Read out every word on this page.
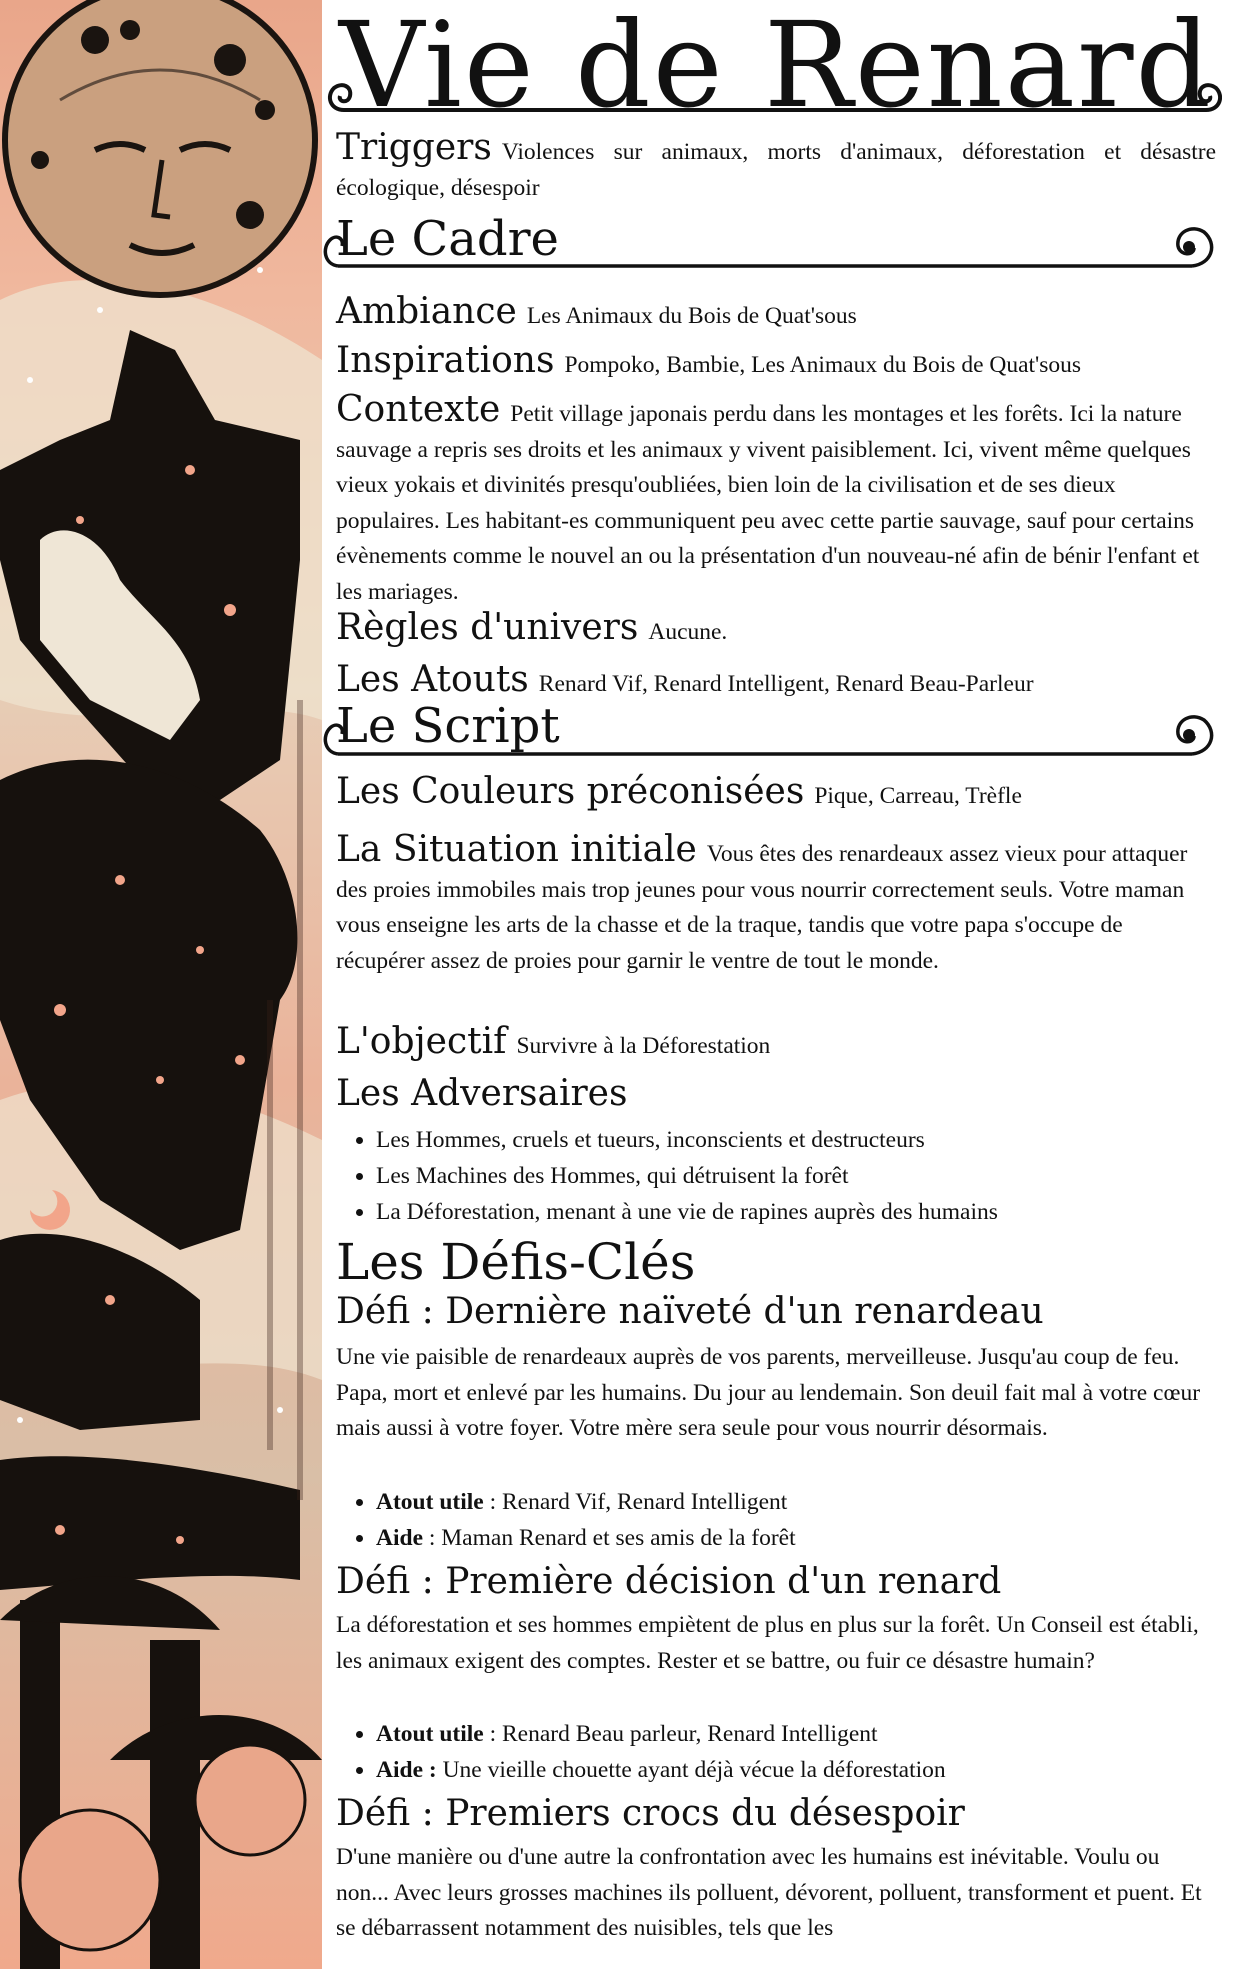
Vie de Renard

Triggers Violences sur animaux, morts d'animaux, déforestation et désastre écologique, désespoir

Le Cadre

Ambiance Les Animaux du Bois de Quat'sous

Inspirations Pompoko, Bambie, Les Animaux du Bois de Quat'sous

Contexte Petit village japonais perdu dans les montages et les forêts. Ici la nature sauvage a repris ses droits et les animaux y vivent paisiblement. Ici, vivent même quelques vieux yokais et divinités presqu'oubliées, bien loin de la civilisation et de ses dieux populaires. Les habitant-es communiquent peu avec cette partie sauvage, sauf pour certains évènements comme le nouvel an ou la présentation d'un nouveau-né afin de bénir l'enfant et les mariages.

Règles d'univers Aucune.

Les Atouts Renard Vif, Renard Intelligent, Renard Beau-Parleur

Le Script

Les Couleurs préconisées Pique, Carreau, Trèfle

La Situation initiale Vous êtes des renardeaux assez vieux pour attaquer des proies immobiles mais trop jeunes pour vous nourrir correctement seuls. Votre maman vous enseigne les arts de la chasse et de la traque, tandis que votre papa s'occupe de récupérer assez de proies pour garnir le ventre de tout le monde.

L'objectif Survivre à la Déforestation

Les Adversaires
• Les Hommes, cruels et tueurs, inconscients et destructeurs
• Les Machines des Hommes, qui détruisent la forêt
• La Déforestation, menant à une vie de rapines auprès des humains
Les Défis-Clés
Défi : Dernière naïveté d'un renardeau

Une vie paisible de renardeaux auprès de vos parents, merveilleuse. Jusqu'au coup de feu. Papa, mort et enlevé par les humains. Du jour au lendemain. Son deuil fait mal à votre cœur mais aussi à votre foyer. Votre mère sera seule pour vous nourrir désormais.

• Atout utile : Renard Vif, Renard Intelligent
• Aide : Maman Renard et ses amis de la forêt
Défi : Première décision d'un renard

La déforestation et ses hommes empiètent de plus en plus sur la forêt. Un Conseil est établi, les animaux exigent des comptes. Rester et se battre, ou fuir ce désastre humain?

• Atout utile : Renard Beau parleur, Renard Intelligent
• Aide : Une vieille chouette ayant déjà vécue la déforestation
Défi : Premiers crocs du désespoir

D'une manière ou d'une autre la confrontation avec les humains est inévitable. Voulu ou non... Avec leurs grosses machines ils polluent, dévorent, polluent, transforment et puent. Et se débarrassent notamment des nuisibles, tels que les
